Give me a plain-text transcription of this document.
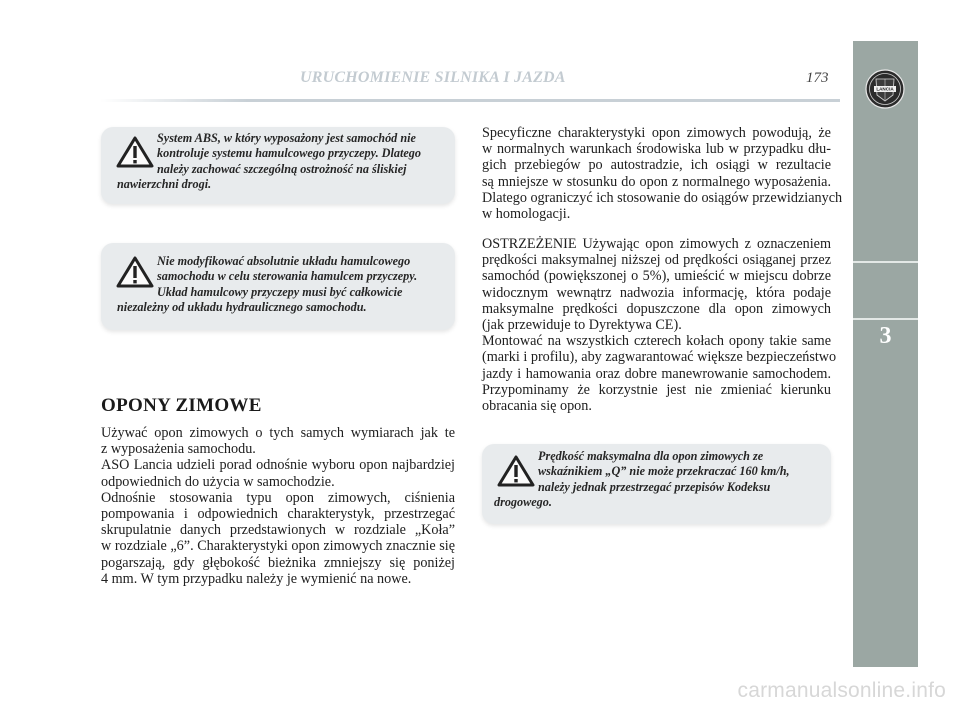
URUCHOMIENIE SILNIKA I JAZDA	173
LANCIA
3
System ABS, w który wyposażony jest samochód nie
kontroluje systemu hamulcowego przyczepy. Dlatego
należy zachować szczególną ostrożność na śliskiej
nawierzchni drogi.
Nie modyfikować absolutnie układu hamulcowego
samochodu w celu sterowania hamulcem przyczepy.
Układ hamulcowy przyczepy musi być całkowicie
niezależny od układu hydraulicznego samochodu.
OPONY ZIMOWE
Używać opon zimowych o tych samych wymiarach jak te
z wyposażenia samochodu.
ASO Lancia udzieli porad odnośnie wyboru opon najbardziej
odpowiednich do użycia w samochodzie.
Odnośnie stosowania typu opon zimowych, ciśnienia
pompowania i odpowiednich charakterystyk, przestrzegać
skrupulatnie danych przedstawionych w rozdziale „Koła”
w rozdziale „6”. Charakterystyki opon zimowych znacznie się
pogarszają, gdy głębokość bieżnika zmniejszy się poniżej
4 mm. W tym przypadku należy je wymienić na nowe.
Specyficzne charakterystyki opon zimowych powodują, że
w normalnych warunkach środowiska lub w przypadku dłu-
gich przebiegów po autostradzie, ich osiągi w rezultacie
są mniejsze w stosunku do opon z normalnego wyposażenia.
Dlatego ograniczyć ich stosowanie do osiągów przewidzianych
w homologacji.
OSTRZEŻENIE Używając opon zimowych z oznaczeniem
prędkości maksymalnej niższej od prędkości osiąganej przez
samochód (powiększonej o 5%), umieścić w miejscu dobrze
widocznym wewnątrz nadwozia informację, która podaje
maksymalne prędkości dopuszczone dla opon zimowych
(jak przewiduje to Dyrektywa CE).
Montować na wszystkich czterech kołach opony takie same
(marki i profilu), aby zagwarantować większe bezpieczeństwo
jazdy i hamowania oraz dobre manewrowanie samochodem.
Przypominamy że korzystnie jest nie zmieniać kierunku
obracania się opon.
Prędkość maksymalna dla opon zimowych ze
wskaźnikiem „Q” nie może przekraczać 160 km/h,
należy jednak przestrzegać przepisów Kodeksu
drogowego.
carmanualsonline.info
